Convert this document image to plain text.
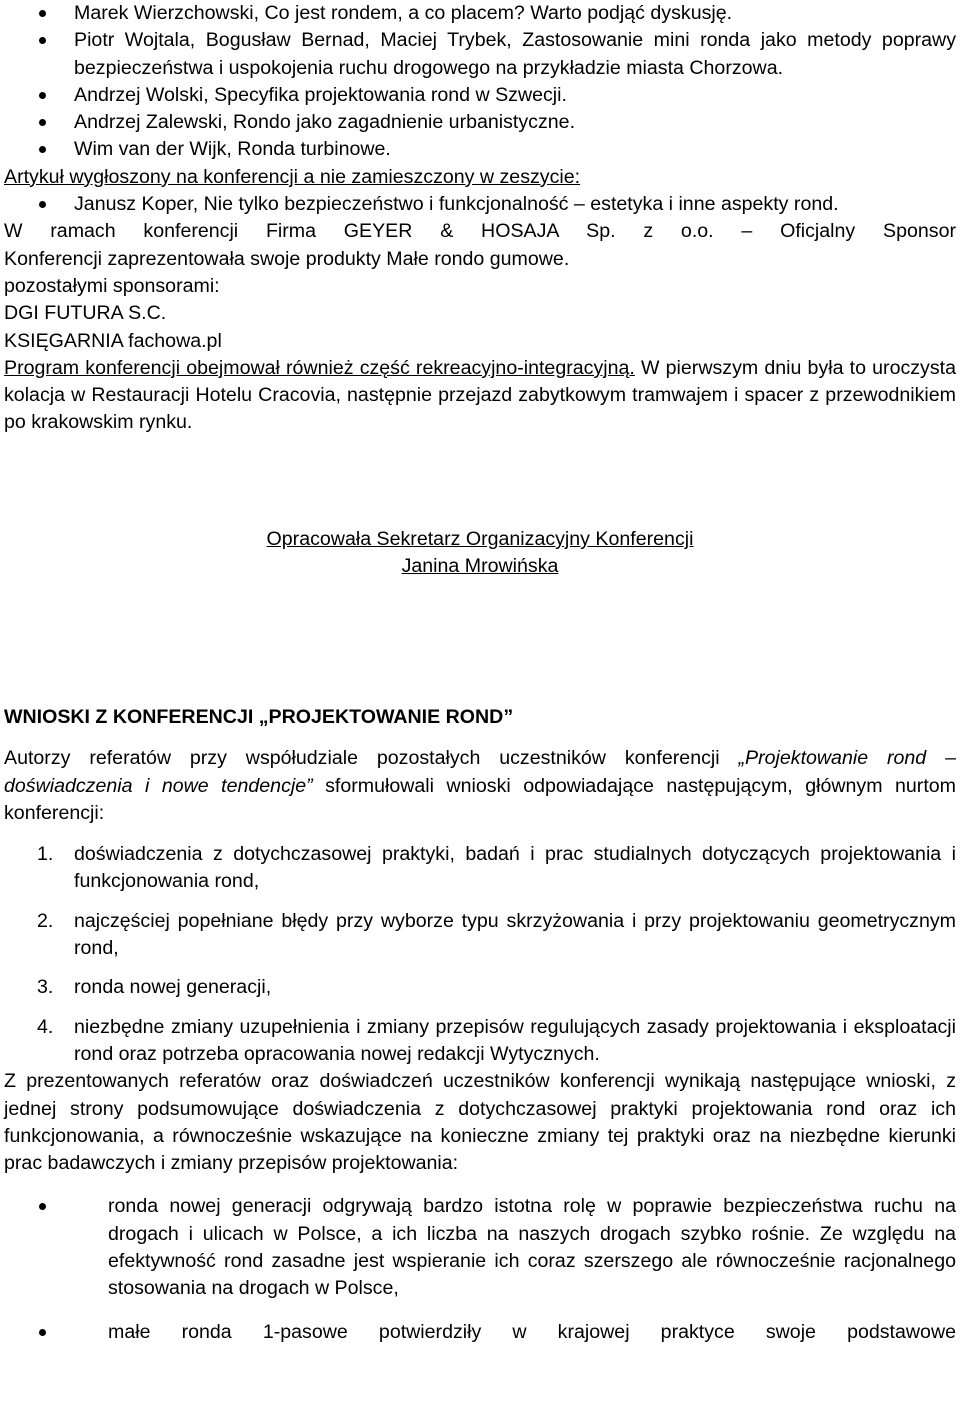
Marek Wierzchowski, Co jest rondem, a co placem? Warto podjąć dyskusję.
Piotr Wojtala, Bogusław Bernad, Maciej Trybek, Zastosowanie mini ronda jako metody poprawy bezpieczeństwa i uspokojenia ruchu drogowego na przykładzie miasta Chorzowa.
Andrzej Wolski, Specyfika projektowania rond w Szwecji.
Andrzej Zalewski, Rondo jako zagadnienie urbanistyczne.
Wim van der Wijk, Ronda turbinowe.

Artykuł wygłoszony na konferencji a nie zamieszczony w zeszycie:

Janusz Koper, Nie tylko bezpieczeństwo i funkcjonalność – estetyka i inne aspekty rond.

W ramach konferencji Firma GEYER & HOSAJA Sp. z o.o. – Oficjalny Sponsor

Konferencji zaprezentowała swoje produkty Małe rondo gumowe.

pozostałymi sponsorami:

DGI FUTURA S.C.

KSIĘGARNIA fachowa.pl

Program konferencji obejmował również część rekreacyjno-integracyjną. W pierwszym dniu była to uroczysta kolacja w Restauracji Hotelu Cracovia, następnie przejazd zabytkowym tramwajem i spacer z przewodnikiem po krakowskim rynku.

Opracowała Sekretarz Organizacyjny Konferencji

Janina Mrowińska

WNIOSKI Z KONFERENCJI „PROJEKTOWANIE ROND”

Autorzy referatów przy współudziale pozostałych uczestników konferencji „Projektowanie rond – doświadczenia i nowe tendencje” sformułowali wnioski odpowiadające następującym, głównym nurtom konferencji:

1. doświadczenia z dotychczasowej praktyki, badań i prac studialnych dotyczących projektowania i funkcjonowania rond,
2. najczęściej popełniane błędy przy wyborze typu skrzyżowania i przy projektowaniu geometrycznym rond,
3. ronda nowej generacji,
4. niezbędne zmiany uzupełnienia i zmiany przepisów regulujących zasady projektowania i eksploatacji rond oraz potrzeba opracowania nowej redakcji Wytycznych.

Z prezentowanych referatów oraz doświadczeń uczestników konferencji wynikają następujące wnioski, z jednej strony podsumowujące doświadczenia z dotychczasowej praktyki projektowania rond oraz ich funkcjonowania, a równocześnie wskazujące na konieczne zmiany tej praktyki oraz na niezbędne kierunki prac badawczych i zmiany przepisów projektowania:

ronda nowej generacji odgrywają bardzo istotna rolę w poprawie bezpieczeństwa ruchu na drogach i ulicach w Polsce, a ich liczba na naszych drogach szybko rośnie. Ze względu na efektywność rond zasadne jest wspieranie ich coraz szerszego ale równocześnie racjonalnego stosowania na drogach w Polsce,
małe ronda 1-pasowe potwierdziły w krajowej praktyce swoje podstawowe
